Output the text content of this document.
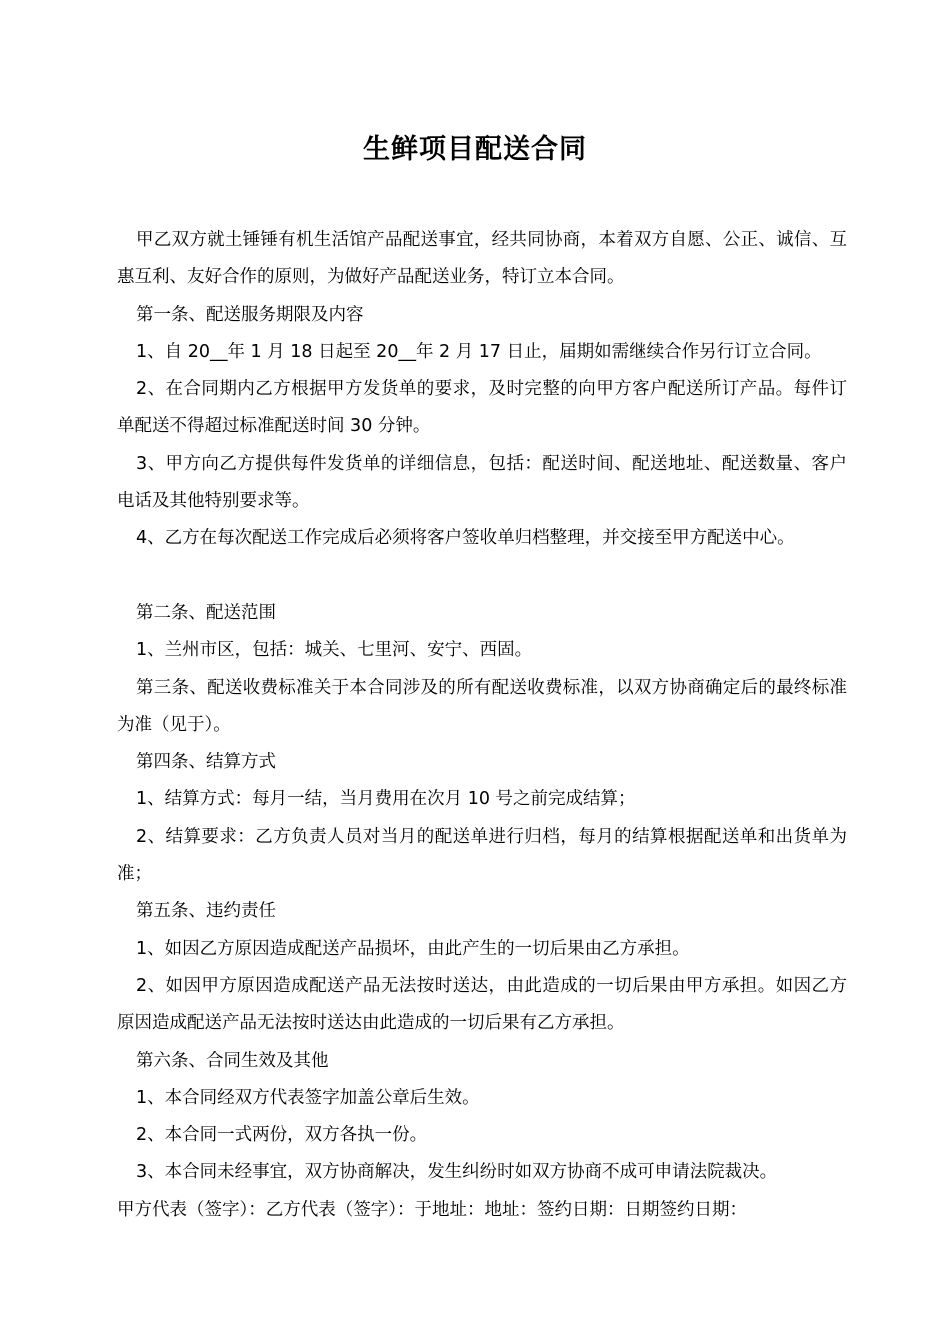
生鲜项目配送合同

甲乙双方就土锤锤有机生活馆产品配送事宜，经共同协商，本着双方自愿、公正、诚信、互惠互利、友好合作的原则，为做好产品配送业务，特订立本合同。

第一条、配送服务期限及内容

1、自 20__年 1 月 18 日起至 20__年 2 月 17 日止，届期如需继续合作另行订立合同。

2、在合同期内乙方根据甲方发货单的要求，及时完整的向甲方客户配送所订产品。每件订单配送不得超过标准配送时间 30 分钟。

3、甲方向乙方提供每件发货单的详细信息，包括：配送时间、配送地址、配送数量、客户电话及其他特别要求等。

4、乙方在每次配送工作完成后必须将客户签收单归档整理，并交接至甲方配送中心。

第二条、配送范围

1、兰州市区，包括：城关、七里河、安宁、西固。

第三条、配送收费标准关于本合同涉及的所有配送收费标准，以双方协商确定后的最终标准为准（见于）。

第四条、结算方式

1、结算方式：每月一结，当月费用在次月 10 号之前完成结算；

2、结算要求：乙方负责人员对当月的配送单进行归档，每月的结算根据配送单和出货单为准；

第五条、违约责任

1、如因乙方原因造成配送产品损坏，由此产生的一切后果由乙方承担。

2、如因甲方原因造成配送产品无法按时送达，由此造成的一切后果由甲方承担。如因乙方原因造成配送产品无法按时送达由此造成的一切后果有乙方承担。

第六条、合同生效及其他

1、本合同经双方代表签字加盖公章后生效。

2、本合同一式两份，双方各执一份。

3、本合同未经事宜，双方协商解决，发生纠纷时如双方协商不成可申请法院裁决。

甲方代表（签字）：乙方代表（签字）：于地址：地址：签约日期：日期签约日期：
